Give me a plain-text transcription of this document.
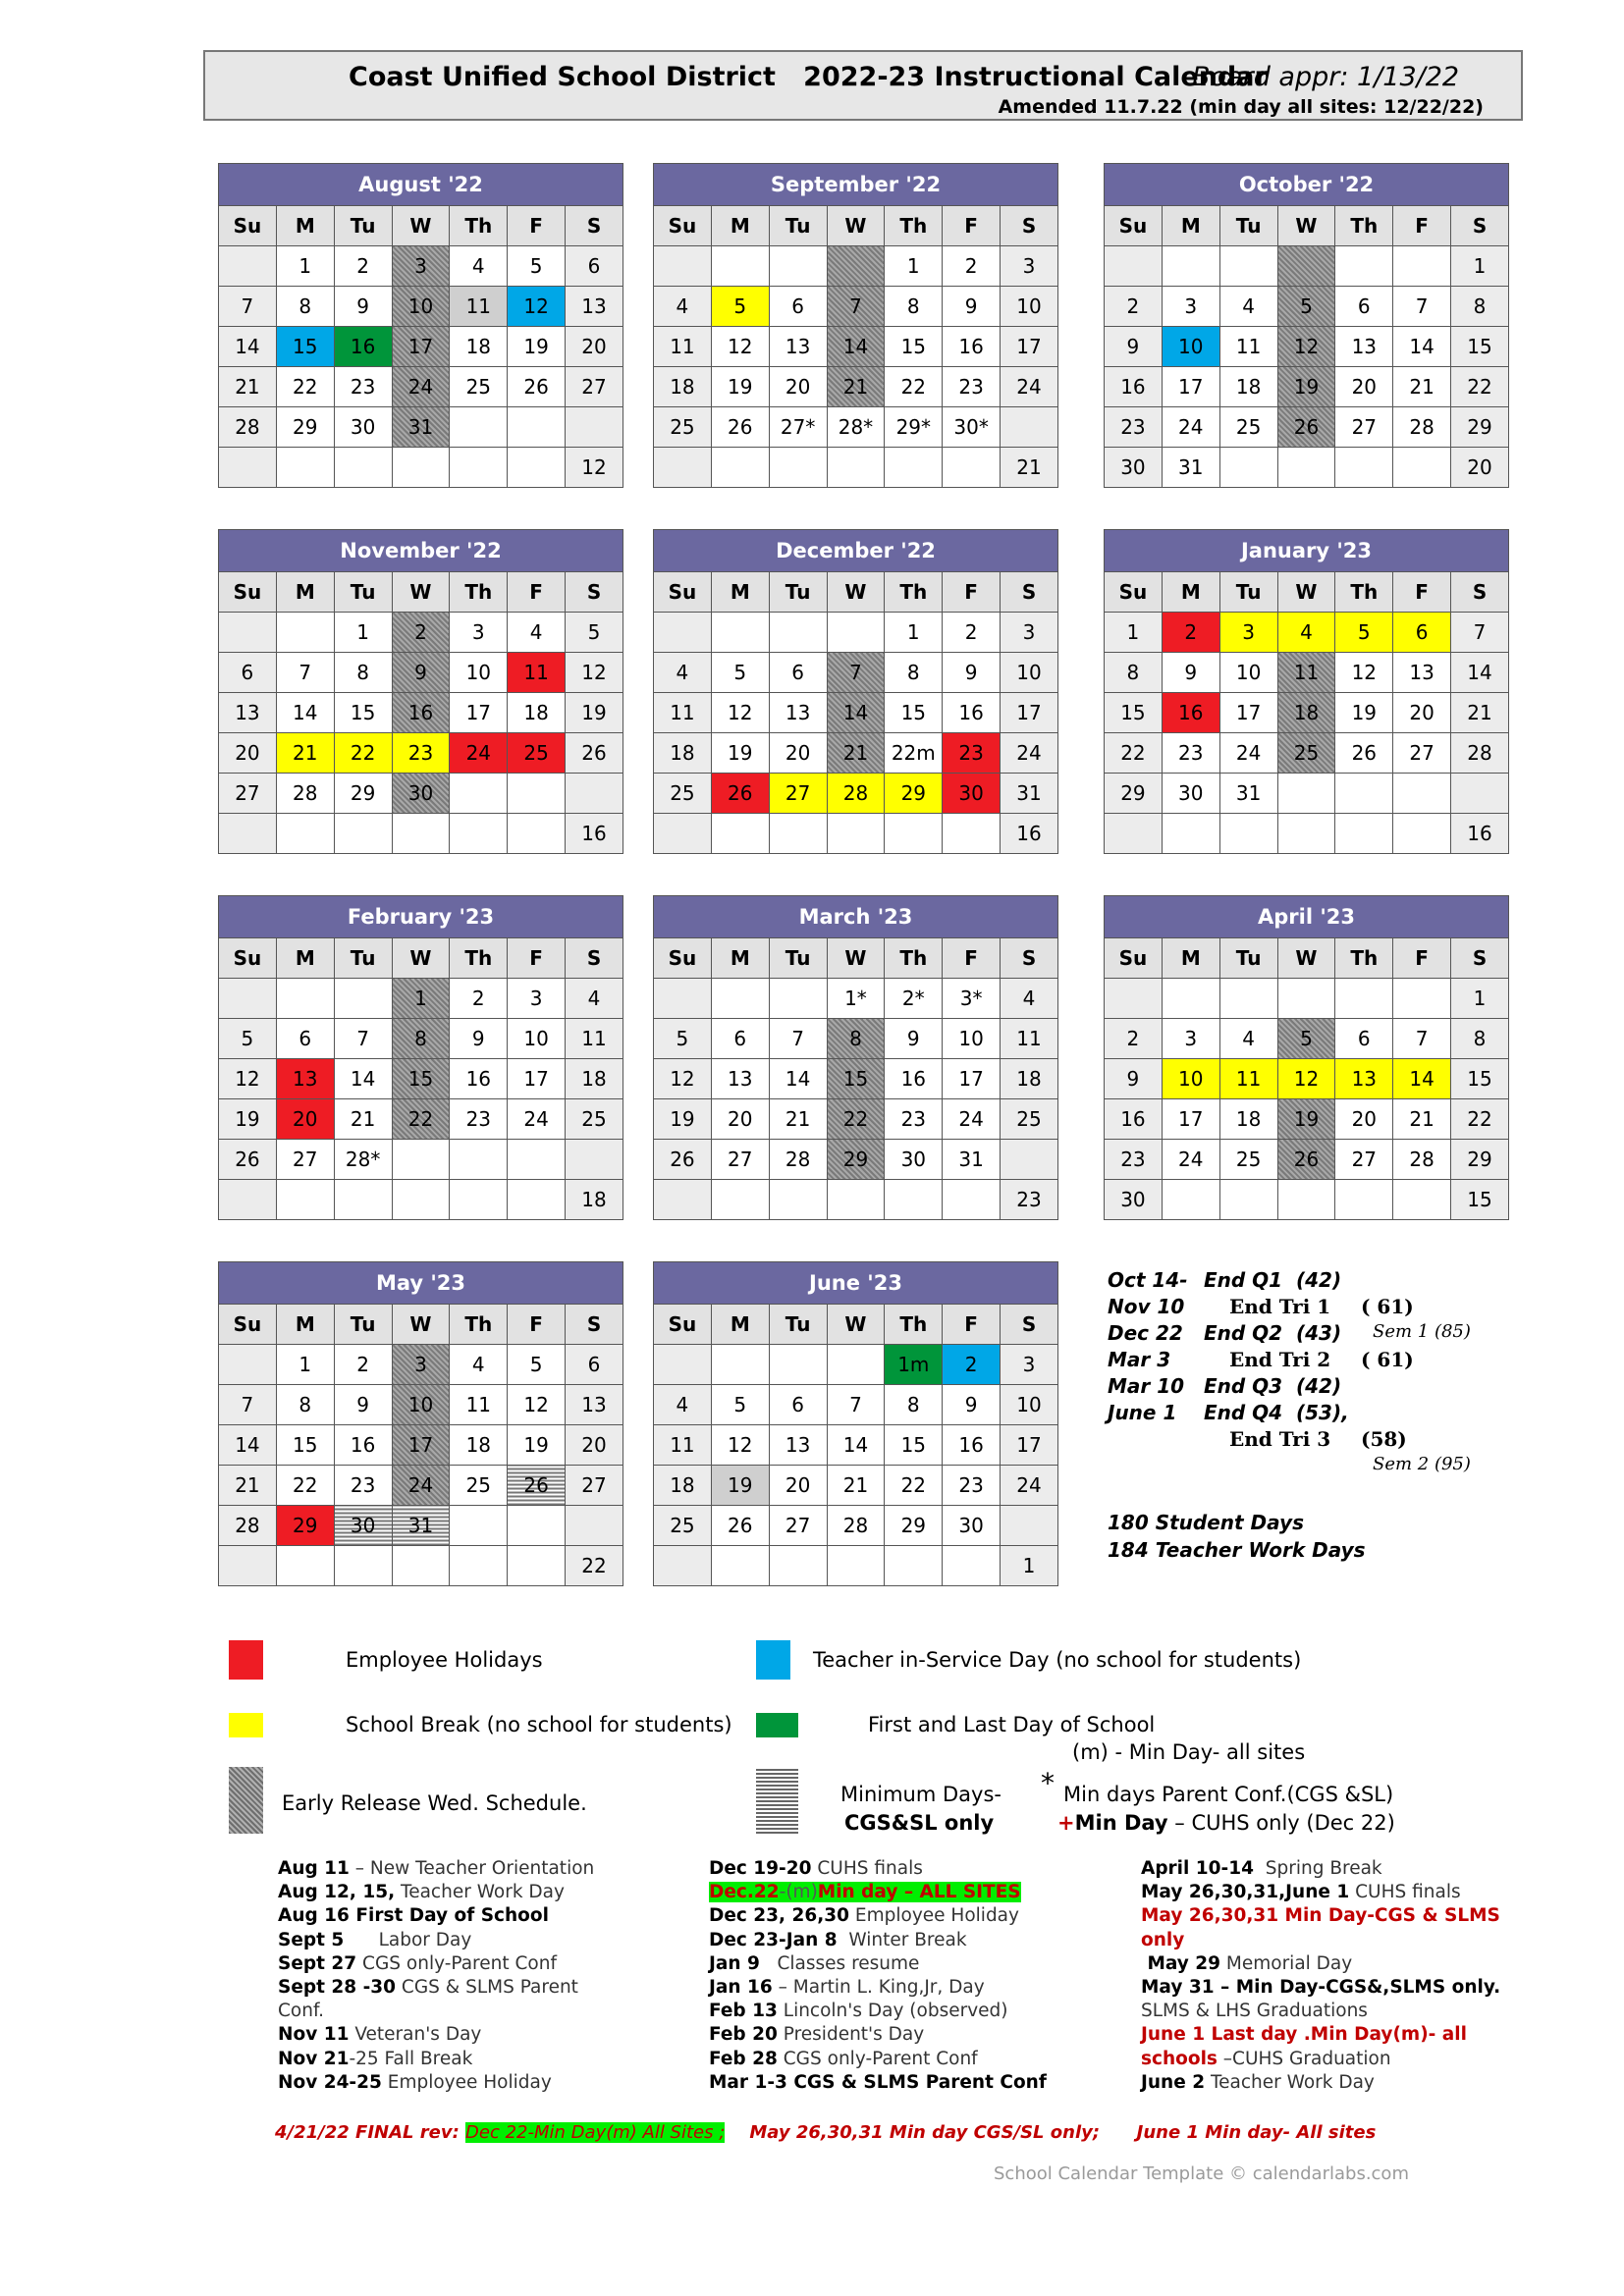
Coast Unified School District   2022-23 Instructional Calendar
Board appr: 1/13/22
Amended 11.7.22 (min day all sites: 12/22/22)
August '22						
Su	M	Tu	W	Th	F	S
	1	2	3	4	5	6
7	8	9	10	11	12	13
14	15	16	17	18	19	20
21	22	23	24	25	26	27
28	29	30	31			
						12
September '22						
Su	M	Tu	W	Th	F	S
				1	2	3
4	5	6	7	8	9	10
11	12	13	14	15	16	17
18	19	20	21	22	23	24
25	26	27*	28*	29*	30*	
						21
October '22						
Su	M	Tu	W	Th	F	S
						1
2	3	4	5	6	7	8
9	10	11	12	13	14	15
16	17	18	19	20	21	22
23	24	25	26	27	28	29
30	31					20
November '22						
Su	M	Tu	W	Th	F	S
		1	2	3	4	5
6	7	8	9	10	11	12
13	14	15	16	17	18	19
20	21	22	23	24	25	26
27	28	29	30			
						16
December '22						
Su	M	Tu	W	Th	F	S
				1	2	3
4	5	6	7	8	9	10
11	12	13	14	15	16	17
18	19	20	21	22m	23	24
25	26	27	28	29	30	31
						16
January '23						
Su	M	Tu	W	Th	F	S
1	2	3	4	5	6	7
8	9	10	11	12	13	14
15	16	17	18	19	20	21
22	23	24	25	26	27	28
29	30	31				
						16
February '23						
Su	M	Tu	W	Th	F	S
			1	2	3	4
5	6	7	8	9	10	11
12	13	14	15	16	17	18
19	20	21	22	23	24	25
26	27	28*				
						18
March '23						
Su	M	Tu	W	Th	F	S
			1*	2*	3*	4
5	6	7	8	9	10	11
12	13	14	15	16	17	18
19	20	21	22	23	24	25
26	27	28	29	30	31	
						23
April '23						
Su	M	Tu	W	Th	F	S
						1
2	3	4	5	6	7	8
9	10	11	12	13	14	15
16	17	18	19	20	21	22
23	24	25	26	27	28	29
30						15
May '23						
Su	M	Tu	W	Th	F	S
	1	2	3	4	5	6
7	8	9	10	11	12	13
14	15	16	17	18	19	20
21	22	23	24	25	26	27
28	29	30	31			
						22
June '23						
Su	M	Tu	W	Th	F	S
				1m	2	3
4	5	6	7	8	9	10
11	12	13	14	15	16	17
18	19	20	21	22	23	24
25	26	27	28	29	30	
						1
Oct 14- End Q1 (42)
Nov 10 End Tri 1 ( 61)
Dec 22 End Q2 (43) Sem 1 (85)
Mar 3	End Tri 2 ( 61)
Mar 10 End Q3 (42)
June 1 End Q4 (53),
End Tri 3 (58)
Sem 2 (95)
180 Student Days
184 Teacher Work Days
Employee Holidays	Teacher in-Service Day (no school for students)
School Break (no school for students)	First and Last Day of School
(m) - Min Day- all sites
Early Release Wed. Schedule.	Minimum Days-
CGS&SL only
* Min days Parent Conf.(CGS &SL)
+Min Day – CUHS only (Dec 22)
Aug 11 – New Teacher Orientation
Aug 12, 15, Teacher Work Day
Aug 16 First Day of School
Sept 5      Labor Day
Sept 27 CGS only-Parent Conf
Sept 28 -30 CGS & SLMS Parent
Conf.
Nov 11 Veteran's Day
Nov 21-25 Fall Break
Nov 24-25 Employee Holiday
Dec 19-20 CUHS finals
Dec.22-(m)Min day – ALL SITES
Dec 23, 26,30 Employee Holiday
Dec 23-Jan 8  Winter Break
Jan 9   Classes resume
Jan 16 – Martin L. King,Jr, Day
Feb 13 Lincoln's Day (observed)
Feb 20 President's Day
Feb 28 CGS only-Parent Conf
Mar 1-3 CGS & SLMS Parent Conf
April 10-14  Spring Break
May 26,30,31,June 1 CUHS finals
May 26,30,31 Min Day-CGS & SLMS
only
May 29 Memorial Day
May 31 – Min Day-CGS&,SLMS only.
SLMS & LHS Graduations
June 1 Last day .Min Day(m)- all
schools –CUHS Graduation
June 2 Teacher Work Day
4/21/22 FINAL rev: Dec 22-Min Day(m) All Sites ;    May 26,30,31 Min day CGS/SL only;      June 1 Min day- All sites
School Calendar Template © calendarlabs.com
